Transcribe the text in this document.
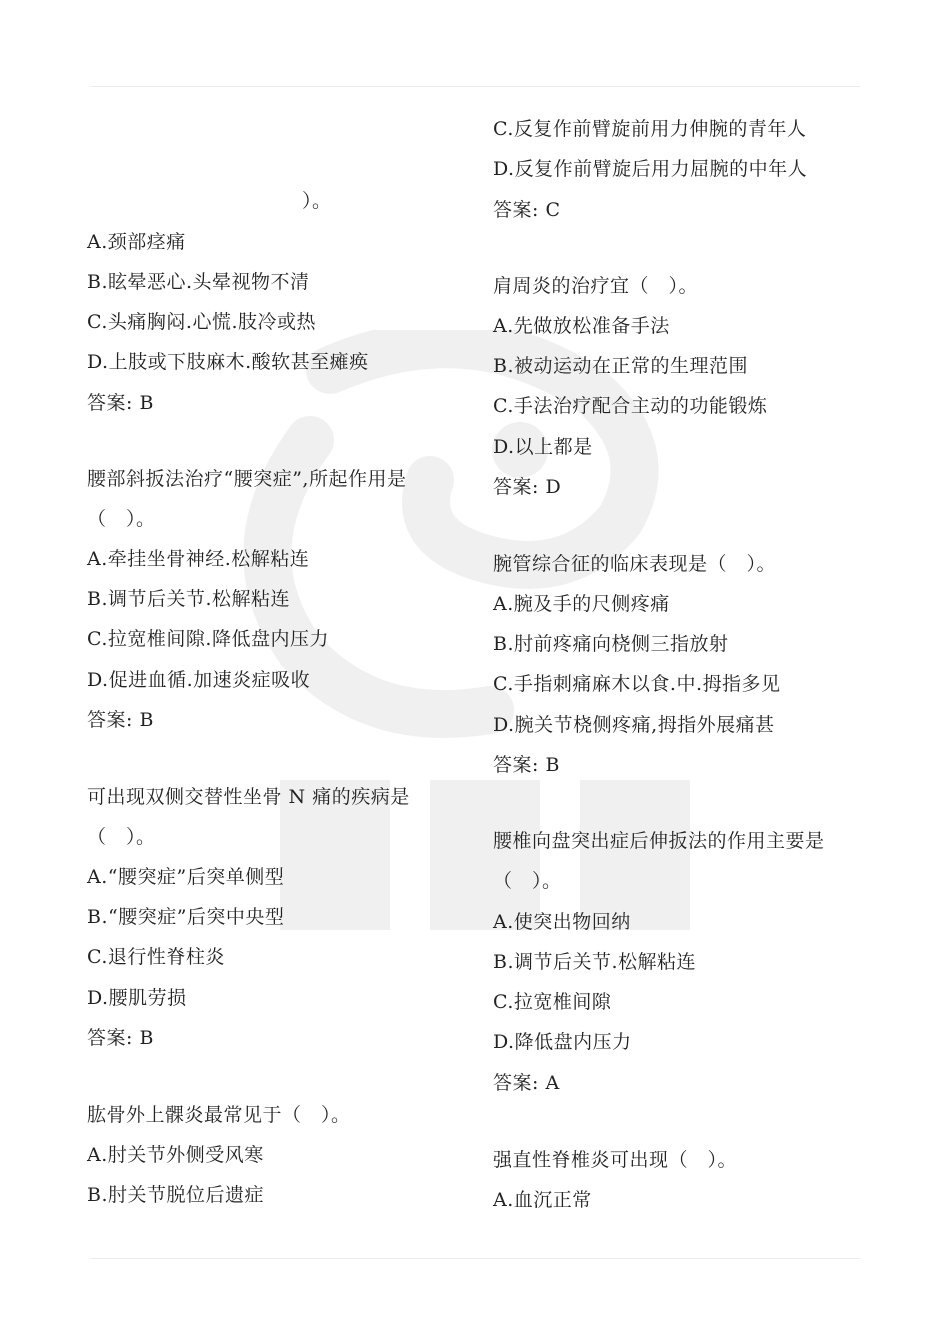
）。
A.颈部痉痛
B.眩晕恶心.头晕视物不清
C.头痛胸闷.心慌.肢冷或热
D.上肢或下肢麻木.酸软甚至瘫痪
答案: B
腰部斜扳法治疗“腰突症”,所起作用是
（　）。
A.牵挂坐骨神经.松解粘连
B.调节后关节.松解粘连
C.拉宽椎间隙.降低盘内压力
D.促进血循.加速炎症吸收
答案: B
可出现双侧交替性坐骨 N 痛的疾病是
（　）。
A.“腰突症”后突单侧型
B.“腰突症”后突中央型
C.退行性脊柱炎
D.腰肌劳损
答案: B
肱骨外上髁炎最常见于（　）。
A.肘关节外侧受风寒
B.肘关节脱位后遗症
C.反复作前臂旋前用力伸腕的青年人
D.反复作前臂旋后用力屈腕的中年人
答案: C
肩周炎的治疗宜（　）。
A.先做放松准备手法
B.被动运动在正常的生理范围
C.手法治疗配合主动的功能锻炼
D.以上都是
答案: D
腕管综合征的临床表现是（　）。
A.腕及手的尺侧疼痛
B.肘前疼痛向桡侧三指放射
C.手指刺痛麻木以食.中.拇指多见
D.腕关节桡侧疼痛,拇指外展痛甚
答案: B
腰椎向盘突出症后伸扳法的作用主要是
（　）。
A.使突出物回纳
B.调节后关节.松解粘连
C.拉宽椎间隙
D.降低盘内压力
答案: A
强直性脊椎炎可出现（　）。
A.血沉正常
